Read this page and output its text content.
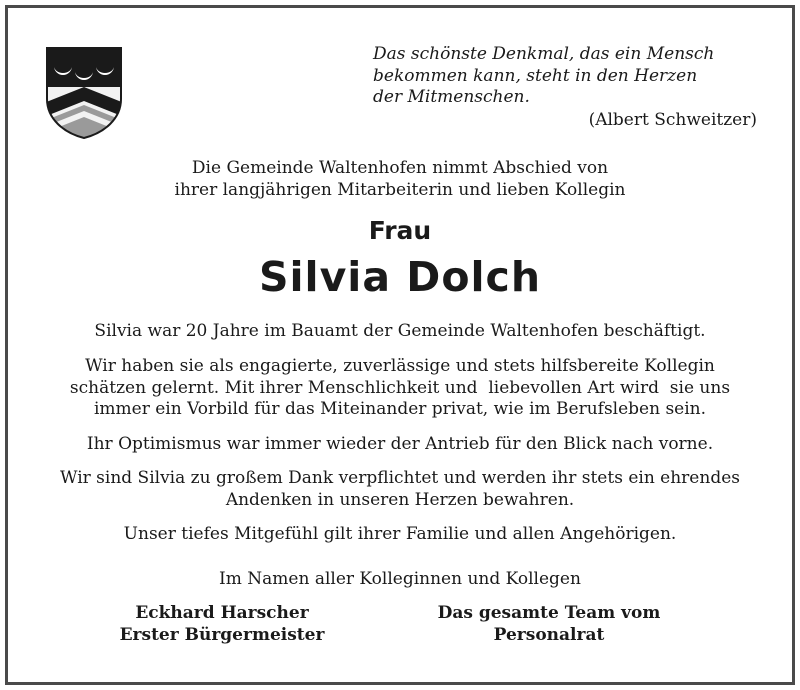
Das schönste Denkmal, das ein Mensch
bekommen kann, steht in den Herzen
der Mitmenschen.
(Albert Schweitzer)
Die Gemeinde Waltenhofen nimmt Abschied von
ihrer langjährigen Mitarbeiterin und lieben Kollegin
Frau
Silvia Dolch
Silvia war 20 Jahre im Bauamt der Gemeinde Waltenhofen beschäftigt.
Wir haben sie als engagierte, zuverlässige und stets hilfsbereite Kollegin
schätzen gelernt. Mit ihrer Menschlichkeit und  liebevollen Art wird  sie uns
immer ein Vorbild für das Miteinander privat, wie im Berufsleben sein.
Ihr Optimismus war immer wieder der Antrieb für den Blick nach vorne.
Wir sind Silvia zu großem Dank verpflichtet und werden ihr stets ein ehrendes
Andenken in unseren Herzen bewahren.
Unser tiefes Mitgefühl gilt ihrer Familie und allen Angehörigen.
Im Namen aller Kolleginnen und Kollegen
Eckhard Harscher
Erster Bürgermeister
Das gesamte Team vom
Personalrat
